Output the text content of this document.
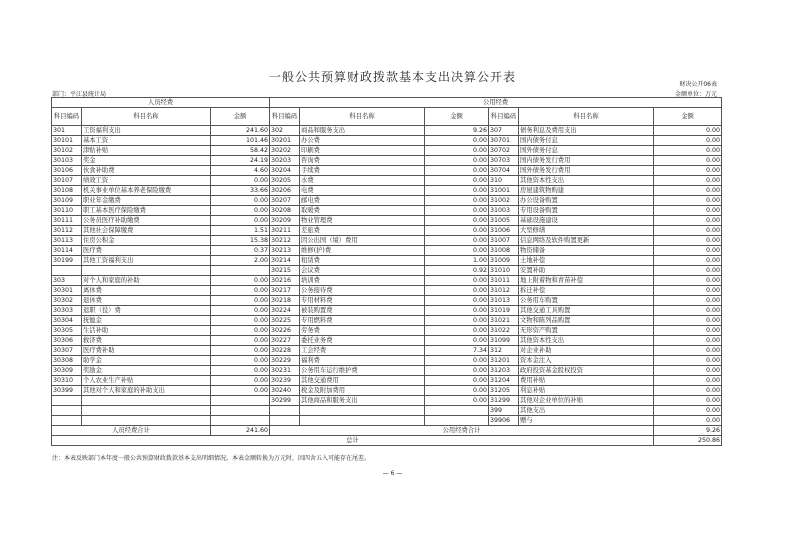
一般公共预算财政拨款基本支出决算公开表
财决公开06表
部门：平江县统计局	金额单位：万元
人员经费			公用经费					
科目编码	科目名称	金额	科目编码	科目名称	金额	科目编码	科目名称	金额
301	工资福利支出	241.60	302	商品和服务支出	9.26	307	债务利息及费用支出	0.00
30101	基本工资	101.46	30201	办公费	0.00	30701	国内债务付息	0.00
30102	津贴补贴	58.42	30202	印刷费	0.00	30702	国外债务付息	0.00
30103	奖金	24.19	30203	咨询费	0.00	30703	国内债务发行费用	0.00
30106	伙食补助费	4.60	30204	手续费	0.00	30704	国外债务发行费用	0.00
30107	绩效工资	0.00	30205	水费	0.00	310	其他资本性支出	0.00
30108	机关事业单位基本养老保险缴费	33.66	30206	电费	0.00	31001	房屋建筑物购建	0.00
30109	职业年金缴费	0.00	30207	邮电费	0.00	31002	办公设备购置	0.00
30110	职工基本医疗保险缴费	0.00	30208	取暖费	0.00	31003	专用设备购置	0.00
30111	公务员医疗补助缴费	0.00	30209	物业管理费	0.00	31005	基础设施建设	0.00
30112	其他社会保障缴费	1.51	30211	差旅费	0.00	31006	大型修缮	0.00
30113	住房公积金	15.38	30212	因公出国（境）费用	0.00	31007	信息网络及软件购置更新	0.00
30114	医疗费	0.37	30213	维修(护)费	0.00	31008	物资储备	0.00
30199	其他工资福利支出	2.00	30214	租赁费	1.00	31009	土地补偿	0.00
			30215	会议费	0.92	31010	安置补助	0.00
303	对个人和家庭的补助	0.00	30216	培训费	0.00	31011	地上附着物和青苗补偿	0.00
30301	离休费	0.00	30217	公务接待费	0.00	31012	拆迁补偿	0.00
30302	退休费	0.00	30218	专用材料费	0.00	31013	公务用车购置	0.00
30303	退职（役）费	0.00	30224	被装购置费	0.00	31019	其他交通工具购置	0.00
30304	抚恤金	0.00	30225	专用燃料费	0.00	31021	文物和陈列品购置	0.00
30305	生活补助	0.00	30226	劳务费	0.00	31022	无形资产购置	0.00
30306	救济费	0.00	30227	委托业务费	0.00	31099	其他资本性支出	0.00
30307	医疗费补助	0.00	30228	工会经费	7.34	312	对企业补助	0.00
30308	助学金	0.00	30229	福利费	0.00	31201	资本金注入	0.00
30309	奖励金	0.00	30231	公务用车运行维护费	0.00	31203	政府投资基金股权投资	0.00
30310	个人农业生产补贴	0.00	30239	其他交通费用	0.00	31204	费用补贴	0.00
30399	其他对个人和家庭的补助支出	0.00	30240	税金及附加费用	0.00	31205	利息补贴	0.00
			30299	其他商品和服务支出	0.00	31299	其他对企业单位的补贴	0.00
						399	其他支出	0.00
						39906	赠与	0.00
人员经费合计		241.60	公用经费合计					9.26
总计								250.86
注：本表反映部门本年度一般公共预算财政拨款基本支出明细情况。本表金额转换为万元时，因四舍五入可能存在尾差。
— 6 —
